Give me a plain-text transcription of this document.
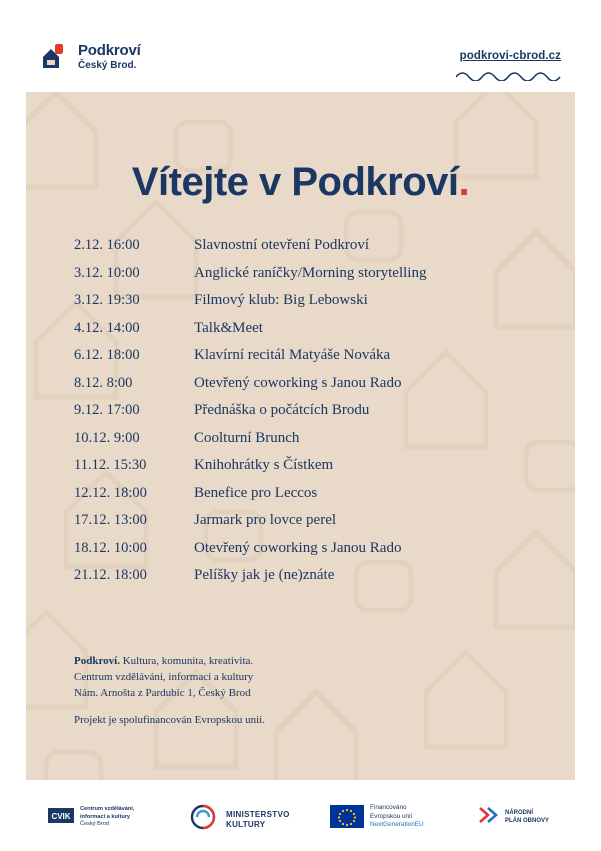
Podkroví
Český Brod.
podkrovi-cbrod.cz
Vítejte v Podkroví.
2.12. 16:00	Slavnostní otevření Podkroví
3.12. 10:00	Anglické raníčky/Morning storytelling
3.12. 19:30	Filmový klub: Big Lebowski
4.12. 14:00	Talk&Meet
6.12. 18:00	Klavírní recitál Matyáše Nováka
8.12. 8:00	Otevřený coworking s Janou Rado
9.12. 17:00	Přednáška o počátcích Brodu
10.12. 9:00	Coolturní Brunch
11.12. 15:30	Knihohrátky s Čístkem
12.12. 18:00	Benefice pro Leccos
17.12. 13:00	Jarmark pro lovce perel
18.12. 10:00	Otevřený coworking s Janou Rado
21.12. 18:00	Pelíšky jak je (ne)znáte
Podkroví. Kultura, komunita, kreativita.
Centrum vzdělávání, informací a kultury
Nám. Arnošta z Pardubic 1, Český Brod
Projekt je spolufinancován Evropskou unií.
CVIK
Centrum vzdělávání,
informací a kultury
Český Brod
MINISTERSTVO
KULTURY
Financováno
Evropskou unií
NextGenerationEU
NÁRODNÍ
PLÁN OBNOVY
